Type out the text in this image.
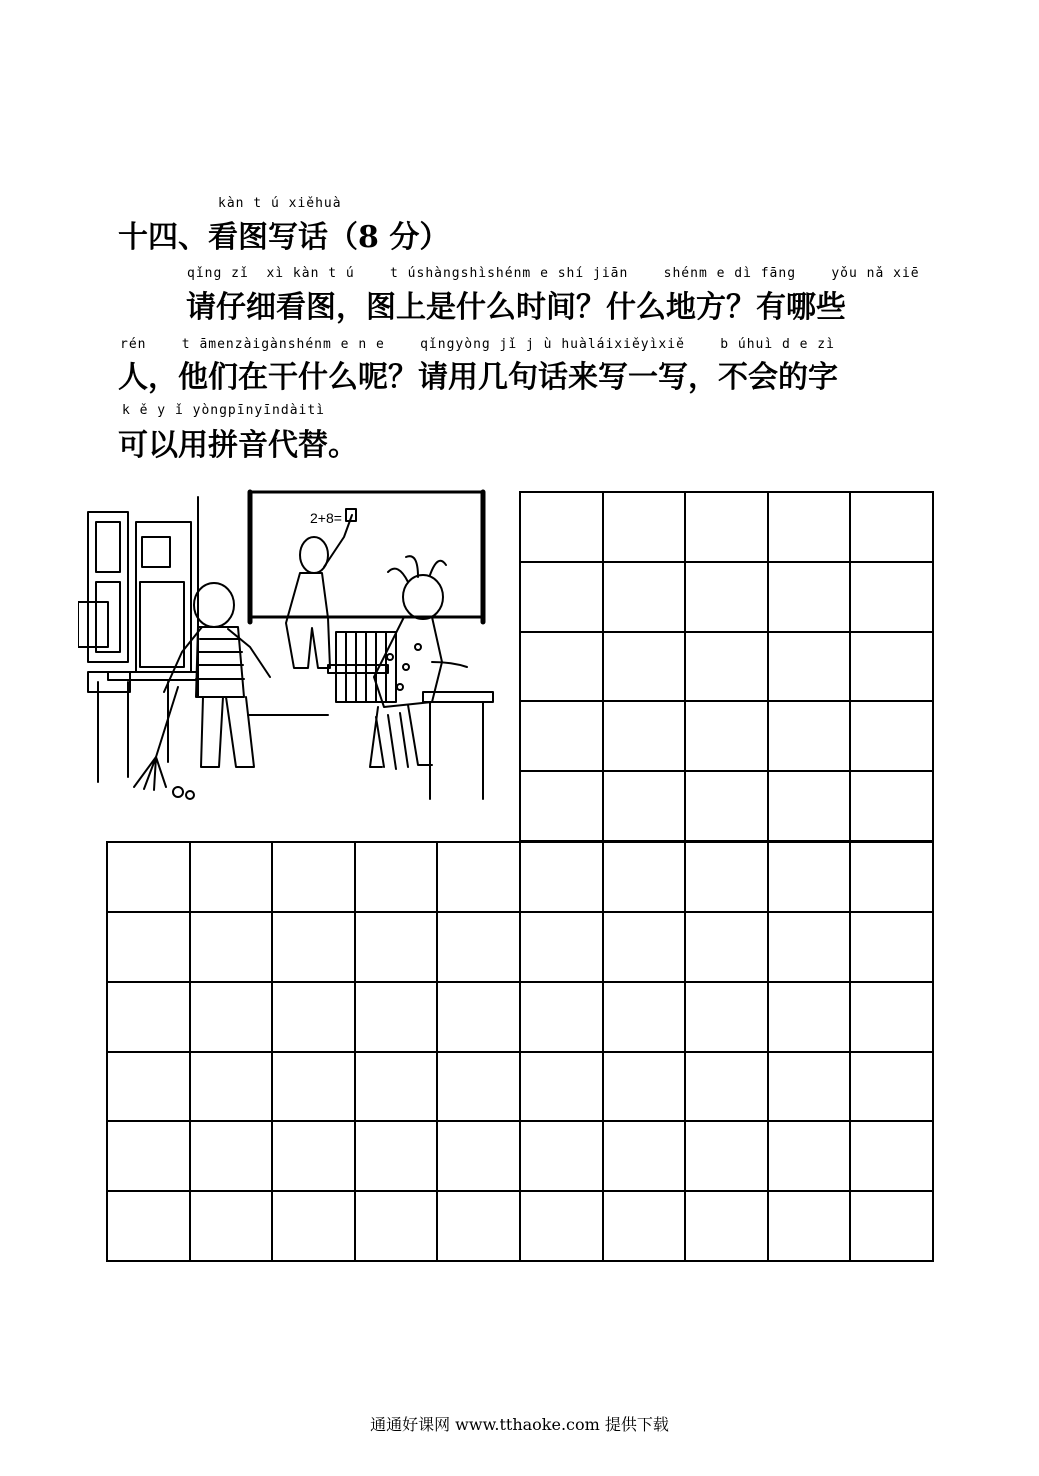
kàn t ú xiěhuà
十四、看图写话（8 分）
qǐng zǐ  xì kàn t ú    t úshàngshìshénm e shí jiān    shénm e dì fāng    yǒu nǎ xiē
请仔细看图，图上是什么时间？什么地方？有哪些
rén    t āmenzàigànshénm e n e    qǐngyòng jǐ j ù huàláixiěyìxiě    b úhuì d e zì
人，他们在干什么呢？请用几句话来写一写，不会的字
k ě y ǐ yòngpīnyīndàitì
可以用拼音代替。
2+8=
通通好课网 www.tthaoke.com 提供下载
